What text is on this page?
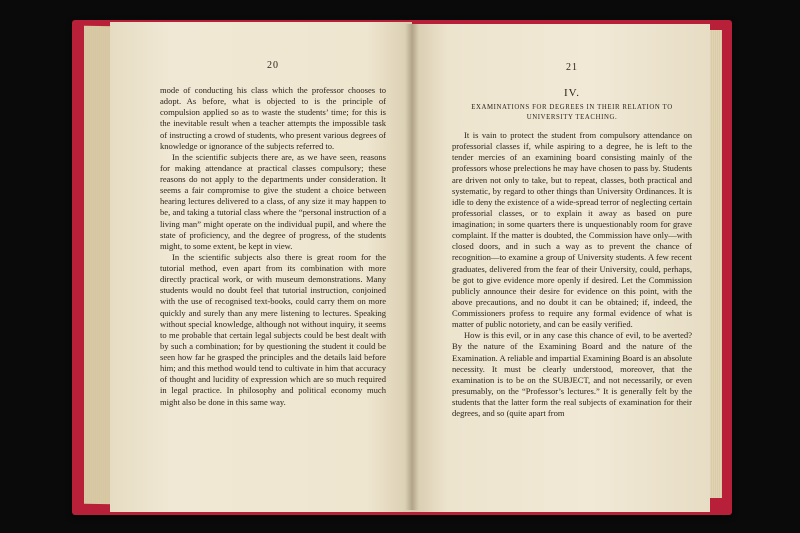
20

mode of conducting his class which the professor chooses to adopt. As before, what is objected to is the principle of compulsion applied so as to waste the students’ time; for this is the inevitable result when a teacher attempts the impossible task of instructing a crowd of students, who present various degrees of knowledge or ignorance of the subjects referred to.

In the scientific subjects there are, as we have seen, reasons for making attendance at practical classes compulsory; these reasons do not apply to the departments under consideration. It seems a fair compromise to give the student a choice between hearing lectures delivered to a class, of any size it may happen to be, and taking a tutorial class where the “personal instruction of a living man” might operate on the individual pupil, and where the state of proficiency, and the degree of progress, of the students might, to some extent, be kept in view.

In the scientific subjects also there is great room for the tutorial method, even apart from its combination with more directly practical work, or with museum demonstrations. Many students would no doubt feel that tutorial instruction, conjoined with the use of recognised text-books, could carry them on more quickly and surely than any mere listening to lectures. Speaking without special knowledge, although not without inquiry, it seems to me probable that certain legal subjects could be best dealt with by such a combination; for by questioning the student it could be seen how far he grasped the principles and the details laid before him; and this method would tend to cultivate in him that accuracy of thought and lucidity of expression which are so much required in legal practice. In philosophy and political economy much might also be done in this same way.

21
IV.
EXAMINATIONS FOR DEGREES IN THEIR RELATION TO
UNIVERSITY TEACHING.

It is vain to protect the student from compulsory attendance on professorial classes if, while aspiring to a degree, he is left to the tender mercies of an examining board consisting mainly of the professors whose prelections he may have chosen to pass by. Students are driven not only to take, but to repeat, classes, both practical and systematic, by regard to other things than University Ordinances. It is idle to deny the existence of a wide-spread terror of neglecting certain professorial classes, or to explain it away as based on pure imagination; in some quarters there is unquestionably room for grave complaint. If the matter is doubted, the Commission have only—with closed doors, and in such a way as to prevent the chance of recognition—to examine a group of University students. A few recent graduates, delivered from the fear of their University, could, perhaps, be got to give evidence more openly if desired. Let the Commission publicly announce their desire for evidence on this point, with the above precautions, and no doubt it can be obtained; if, indeed, the Commissioners profess to require any formal evidence of what is matter of public notoriety, and can be easily verified.

How is this evil, or in any case this chance of evil, to be averted? By the nature of the Examining Board and the nature of the Examination. A reliable and impartial Examining Board is an absolute necessity. It must be clearly understood, moreover, that the examination is to be on the SUBJECT, and not necessarily, or even presumably, on the “Professor’s lectures.” It is generally felt by the students that the latter form the real subjects of examination for their degrees, and so (quite apart from
